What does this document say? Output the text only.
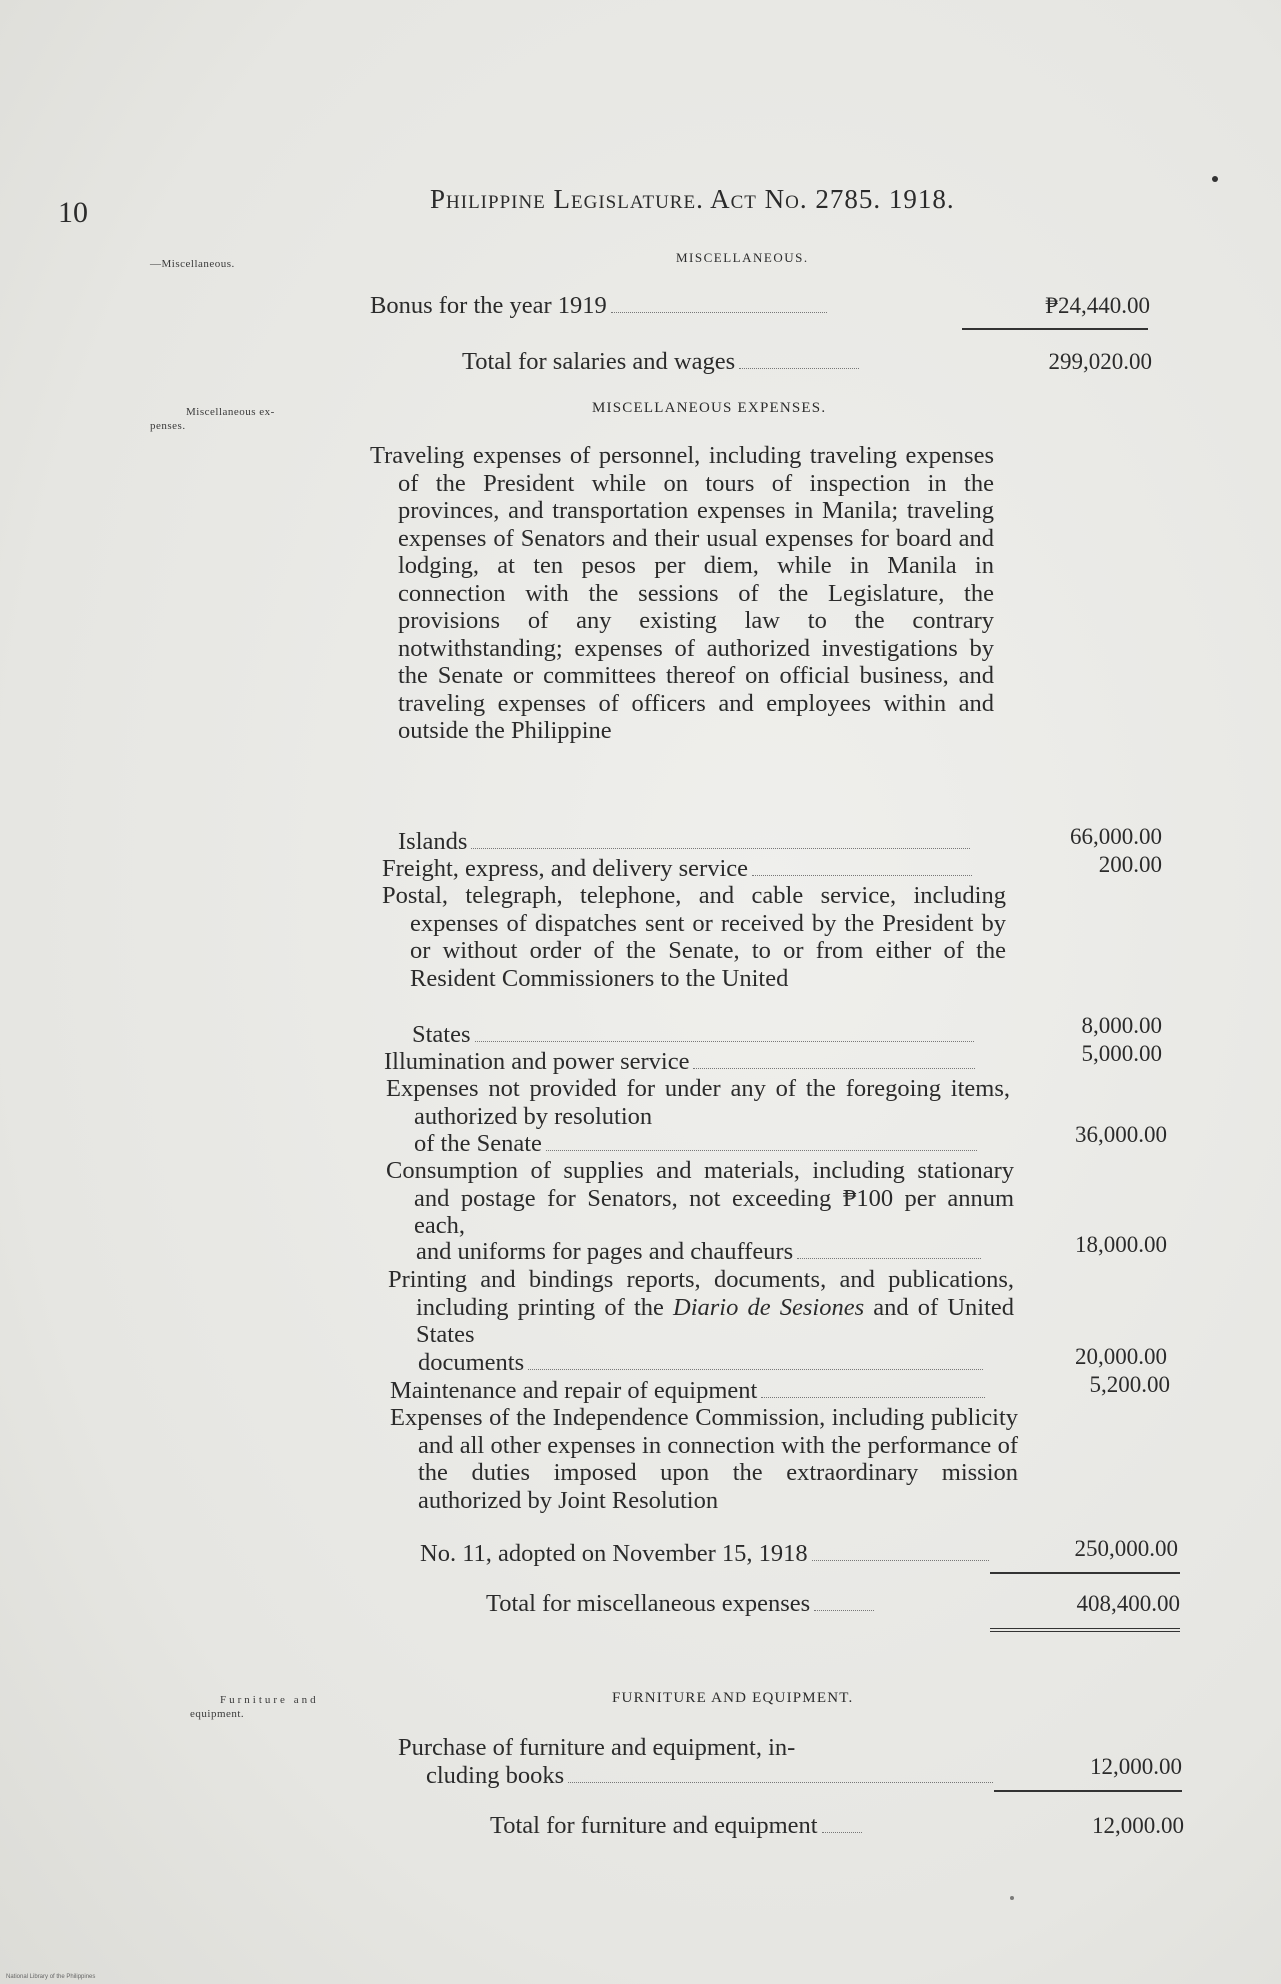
10	Philippine Legislature. Act No. 2785. 1918.
—Miscellaneous.	MISCELLANEOUS.
Bonus for the year 1919	₱24,440.00
Total for salaries and wages	299,020.00
Miscellaneous ex-
penses.
MISCELLANEOUS EXPENSES.
Traveling expenses of personnel, including traveling expenses of the President while on tours of inspection in the provinces, and transportation expenses in Manila; traveling expenses of Senators and their usual expenses for board and lodging, at ten pesos per diem, while in Manila in connection with the sessions of the Legislature, the provisions of any existing law to the contrary notwithstanding; expenses of authorized investigations by the Senate or committees thereof on official business, and traveling expenses of officers and employees within and outside the Philippine
Islands	66,000.00
Freight, express, and delivery service	200.00
Postal, telegraph, telephone, and cable service, including expenses of dispatches sent or received by the President by or without order of the Senate, to or from either of the Resident Commissioners to the United
States	8,000.00
Illumination and power service	5,000.00
Expenses not provided for under any of the foregoing items, authorized by resolution
of the Senate	36,000.00
Consumption of supplies and materials, including stationary and postage for Senators, not exceeding ₱100 per annum each,
and uniforms for pages and chauffeurs	18,000.00
Printing and bindings reports, documents, and publications, including printing of the Diario de Sesiones and of United States
documents	20,000.00
Maintenance and repair of equipment	5,200.00
Expenses of the Independence Commission, including publicity and all other expenses in connection with the performance of the duties imposed upon the extraordinary mission authorized by Joint Resolution
No. 11, adopted on November 15, 1918	250,000.00
Total for miscellaneous expenses	408,400.00
Furniture and
equipment.
FURNITURE AND EQUIPMENT.
Purchase of furniture and equipment, in-
cluding books	12,000.00
Total for furniture and equipment	12,000.00
National Library of the Philippines
